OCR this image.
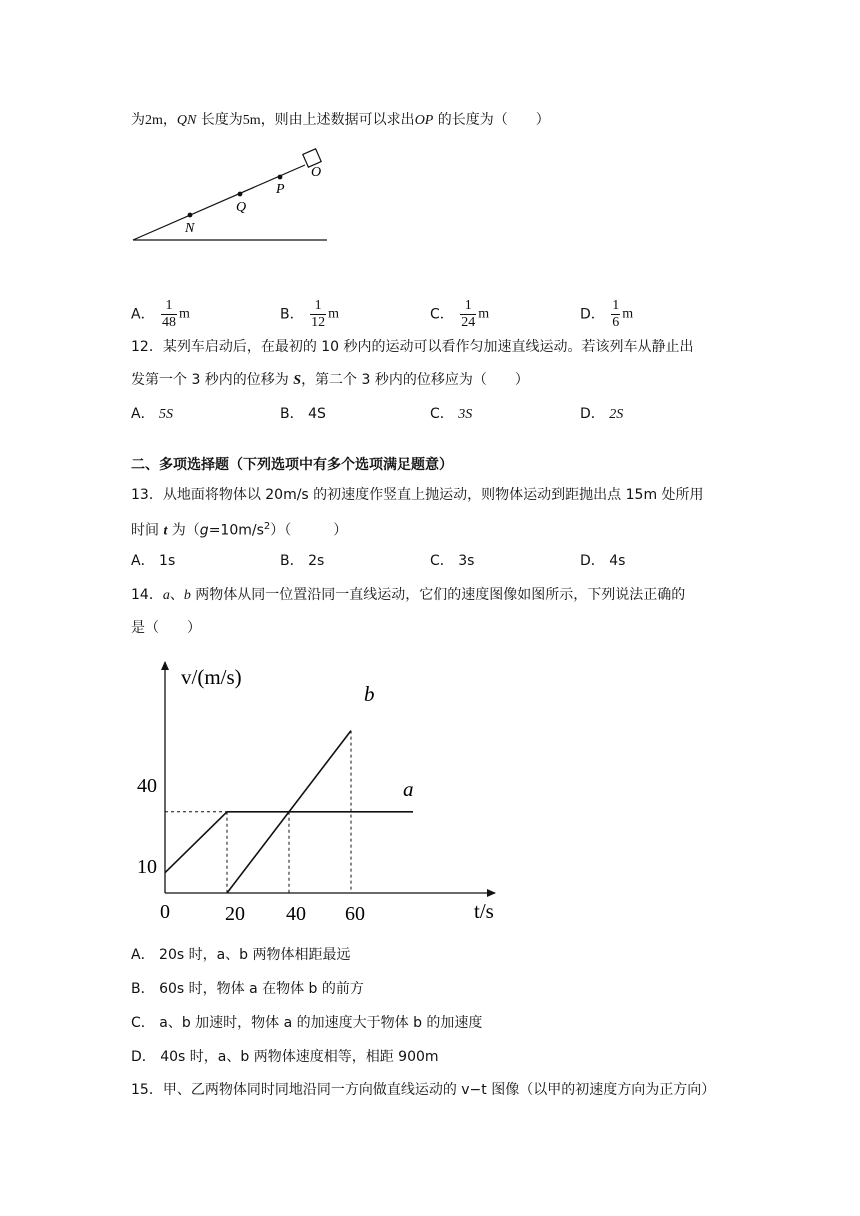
为2m，QN 长度为5m，则由上述数据可以求出OP 的长度为（　　）
N
Q
P
O
A． $\frac{1}{48}$ m	B． $\frac{1}{12}$ m	C． $\frac{1}{24}$ m	D． $\frac{1}{6}$ m
12．某列车启动后，在最初的 10 秒内的运动可以看作匀加速直线运动。若该列车从静止出
发第一个 3 秒内的位移为 S，第二个 3 秒内的位移应为（　　）
A． 5S	B． 4S	C． 3S	D． 2S
二、多项选择题（下列选项中有多个选项满足题意）
13．从地面将物体以 20m/s 的初速度作竖直上抛运动，则物体运动到距抛出点 15m 处所用
时间 t 为$(g=10m/s^2)$（　　　）
A． 1s	B． 2s	C． 3s	D． 4s
14．a、b 两物体从同一位置沿同一直线运动，它们的速度图像如图所示，下列说法正确的
是（　　）
v/(m/s)
t/s
0	20 40 60
10
40	a
b
A． 20s 时，a、b 两物体相距最远
B． 60s 时，物体 a 在物体 b 的前方
C． a、b 加速时，物体 a 的加速度大于物体 b 的加速度
D． 40s 时，a、b 两物体速度相等，相距 900m
15．甲、乙两物体同时同地沿同一方向做直线运动的 v−t 图像（以甲的初速度方向为正方向）
